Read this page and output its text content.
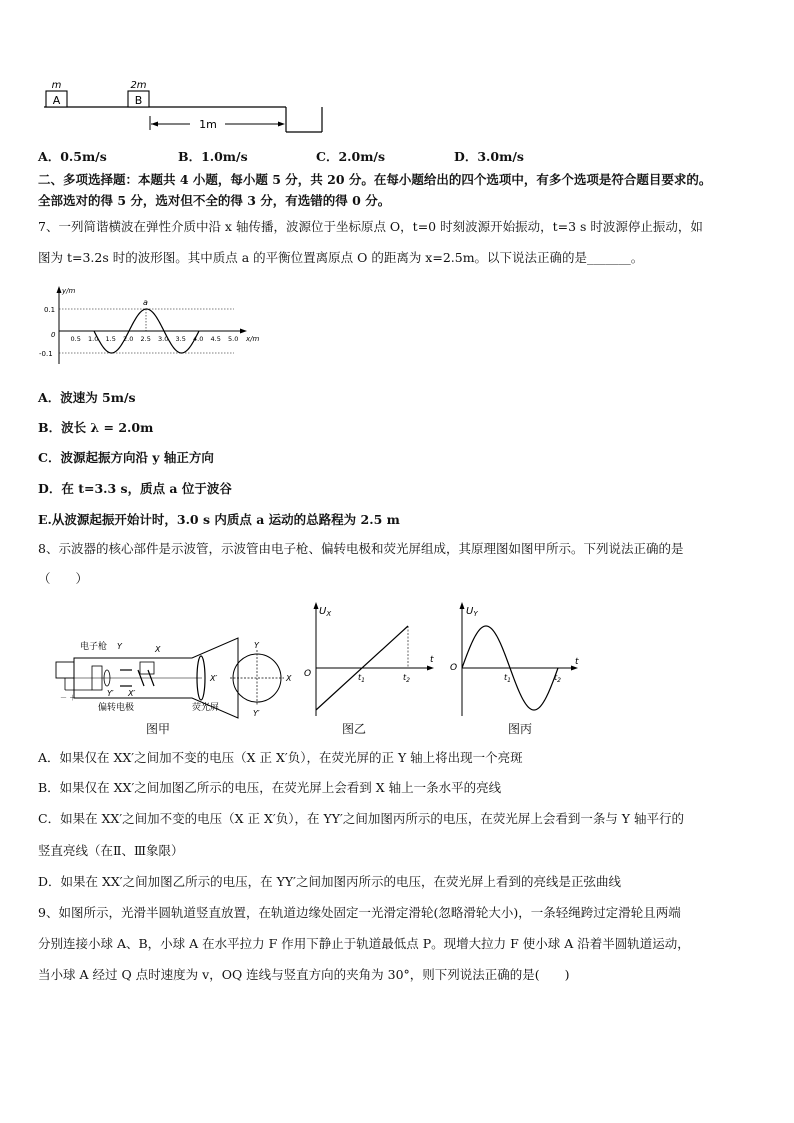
A
m
B
2m
1m
A．0.5m/s	B．1.0m/s	C．2.0m/s	D．3.0m/s
二、多项选择题：本题共 4 小题，每小题 5 分，共 20 分。在每小题给出的四个选项中，有多个选项是符合题目要求的。
全部选对的得 5 分，选对但不全的得 3 分，有选错的得 0 分。
7、一列简谐横波在弹性介质中沿 x 轴传播，波源位于坐标原点 O，t=0 时刻波源开始振动，t=3 s 时波源停止振动，如
图为 t=3.2s 时的波形图。其中质点 a 的平衡位置离原点 O 的距离为 x=2.5m。以下说法正确的是_______。
y/m
x/m
0.1
-0.1
0
a
0.5 1.0 1.5 2.0 2.5 3.0 3.5 4.0 4.5 5.0
A．波速为 5m/s
B．波长 λ = 2.0m
C．波源起振方向沿 y 轴正方向
D．在 t=3.3 s，质点 a 位于波谷
E.从波源起振开始计时，3.0 s 内质点 a 运动的总路程为 2.5 m
8、示波器的核心部件是示波管，示波管由电子枪、偏转电极和荧光屏组成，其原理图如图甲所示。下列说法正确的是
（　　）
－ ＋
电子枪 Y	X
Y′ X′
偏转电极	荧光屏
X′
Y
Y′
X
图甲
$U_X$
t
O	$t_1$	$t_2$
图乙
$U_Y$
t
O
$t_1$	$t_2$
图丙
A．如果仅在 XX′之间加不变的电压（X 正 X′负），在荧光屏的正 Y 轴上将出现一个亮斑
B．如果仅在 XX′之间加图乙所示的电压，在荧光屏上会看到 X 轴上一条水平的亮线
C．如果在 XX′之间加不变的电压（X 正 X′负），在 YY′之间加图丙所示的电压，在荧光屏上会看到一条与 Y 轴平行的
竖直亮线（在Ⅱ、Ⅲ象限）
D．如果在 XX′之间加图乙所示的电压，在 YY′之间加图丙所示的电压，在荧光屏上看到的亮线是正弦曲线
9、如图所示，光滑半圆轨道竖直放置，在轨道边缘处固定一光滑定滑轮(忽略滑轮大小)，一条轻绳跨过定滑轮且两端
分别连接小球 A、B，小球 A 在水平拉力 F 作用下静止于轨道最低点 P。现增大拉力 F 使小球 A 沿着半圆轨道运动，
当小球 A 经过 Q 点时速度为 v，OQ 连线与竖直方向的夹角为 30°，则下列说法正确的是(　　)
